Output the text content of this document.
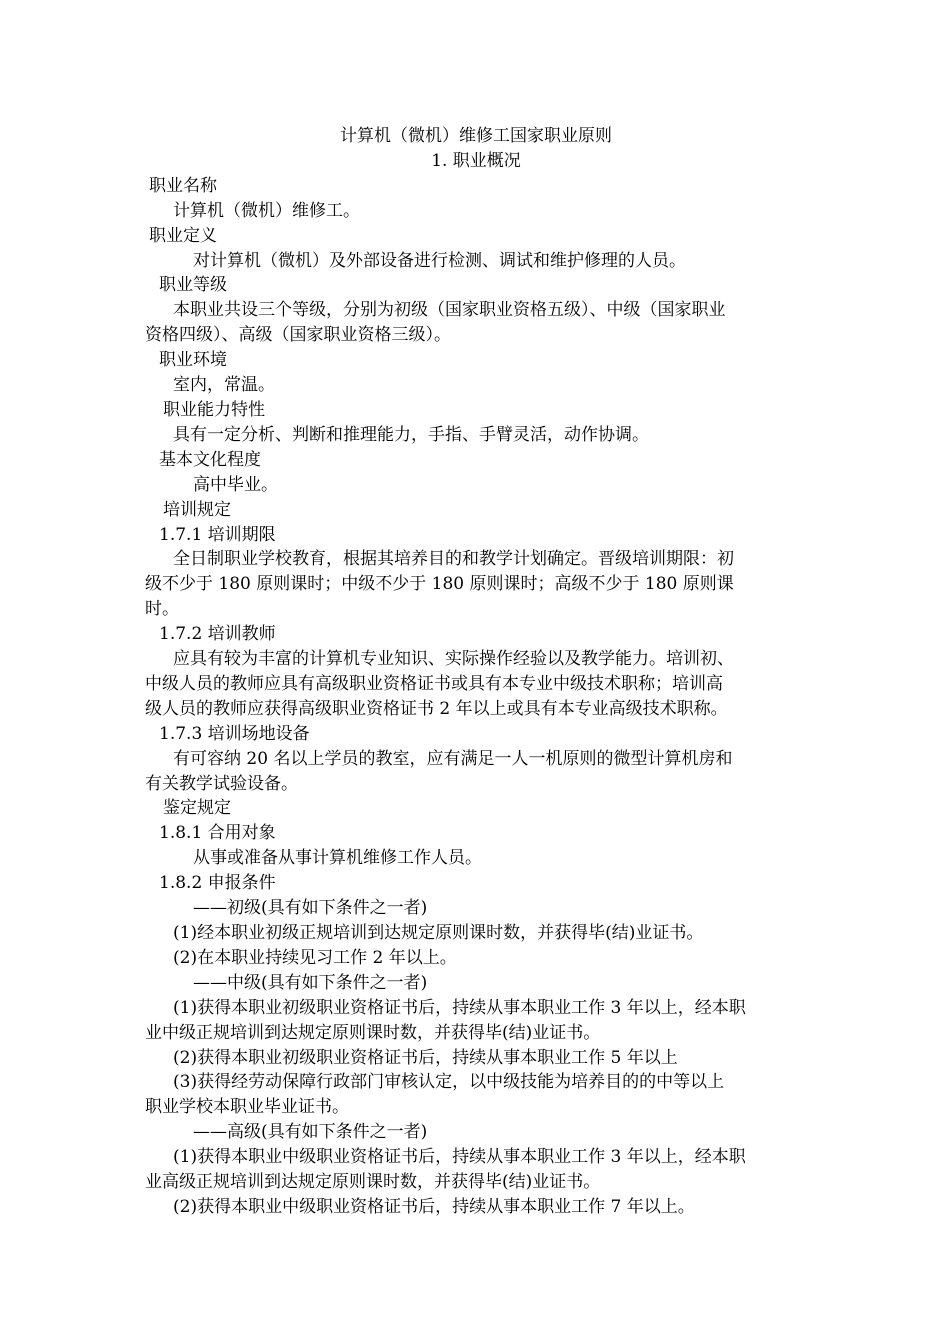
计算机（微机）维修工国家职业原则
1. 职业概况
职业名称
计算机（微机）维修工。
职业定义
对计算机（微机）及外部设备进行检测、调试和维护修理的人员。
职业等级
本职业共设三个等级，分别为初级（国家职业资格五级）、中级（国家职业
资格四级）、高级（国家职业资格三级）。
职业环境
室内，常温。
职业能力特性
具有一定分析、判断和推理能力，手指、手臂灵活，动作协调。
基本文化程度
高中毕业。
培训规定
1.7.1 培训期限
全日制职业学校教育，根据其培养目的和教学计划确定。晋级培训期限：初
级不少于 180 原则课时；中级不少于 180 原则课时；高级不少于 180 原则课
时。
1.7.2 培训教师
应具有较为丰富的计算机专业知识、实际操作经验以及教学能力。培训初、
中级人员的教师应具有高级职业资格证书或具有本专业中级技术职称；培训高
级人员的教师应获得高级职业资格证书 2 年以上或具有本专业高级技术职称。
1.7.3 培训场地设备
有可容纳 20 名以上学员的教室，应有满足一人一机原则的微型计算机房和
有关教学试验设备。
鉴定规定
1.8.1 合用对象
从事或准备从事计算机维修工作人员。
1.8.2 申报条件
——初级(具有如下条件之一者)
(1)经本职业初级正规培训到达规定原则课时数，并获得毕(结)业证书。
(2)在本职业持续见习工作 2 年以上。
——中级(具有如下条件之一者)
(1)获得本职业初级职业资格证书后，持续从事本职业工作 3 年以上，经本职
业中级正规培训到达规定原则课时数，并获得毕(结)业证书。
(2)获得本职业初级职业资格证书后，持续从事本职业工作 5 年以上
(3)获得经劳动保障行政部门审核认定，以中级技能为培养目的的中等以上
职业学校本职业毕业证书。
——高级(具有如下条件之一者)
(1)获得本职业中级职业资格证书后，持续从事本职业工作 3 年以上，经本职
业高级正规培训到达规定原则课时数，并获得毕(结)业证书。
(2)获得本职业中级职业资格证书后，持续从事本职业工作 7 年以上。
